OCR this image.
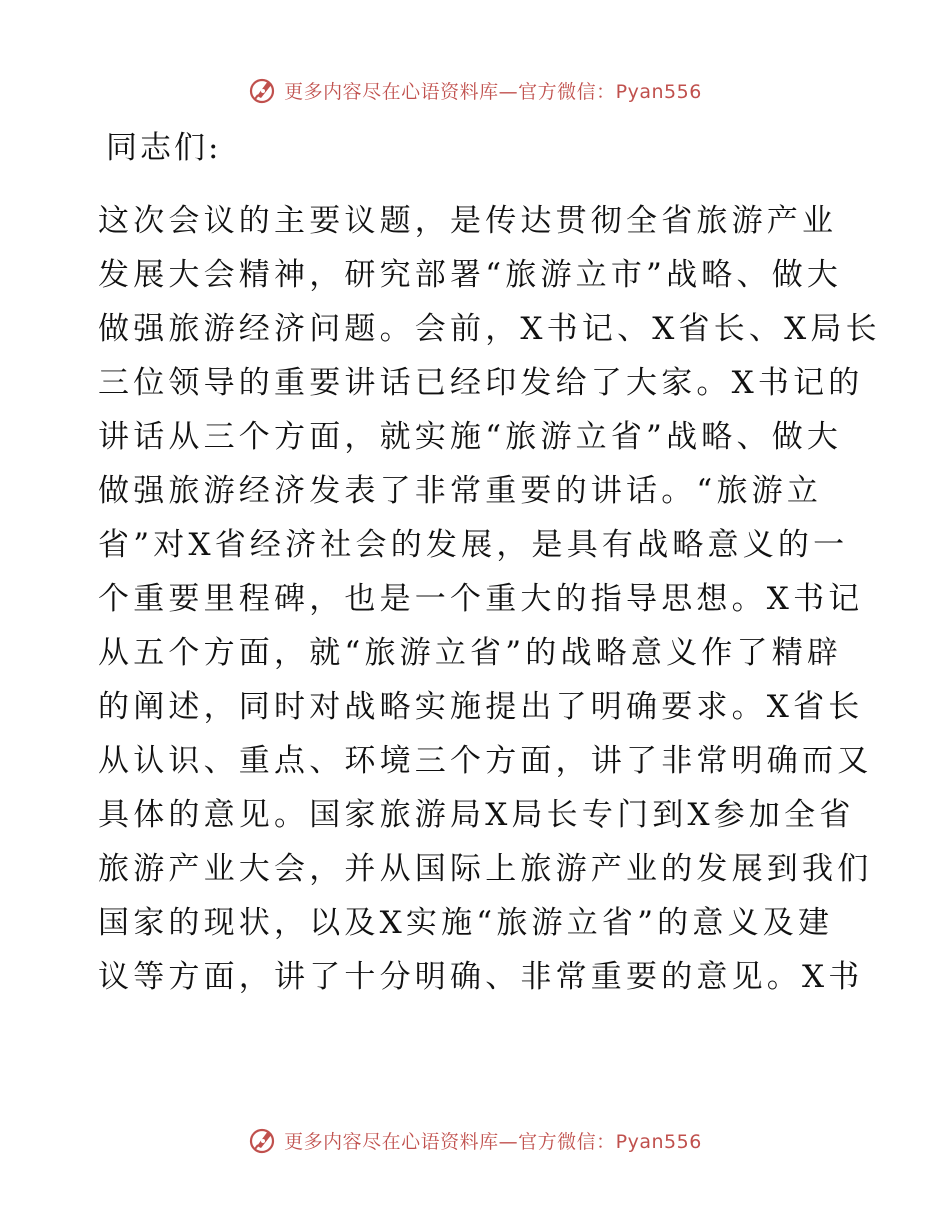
更多内容尽在心语资料库—官方微信：Pyan556
同志们:
这次会议的主要议题，是传达贯彻全省旅游产业
发展大会精神，研究部署“旅游立市”战略、做大
做强旅游经济问题。会前，X书记、X省长、X局长
三位领导的重要讲话已经印发给了大家。X书记的
讲话从三个方面，就实施“旅游立省”战略、做大
做强旅游经济发表了非常重要的讲话。“旅游立
省”对X省经济社会的发展，是具有战略意义的一
个重要里程碑，也是一个重大的指导思想。X书记
从五个方面，就“旅游立省”的战略意义作了精辟
的阐述，同时对战略实施提出了明确要求。X省长
从认识、重点、环境三个方面，讲了非常明确而又
具体的意见。国家旅游局X局长专门到X参加全省
旅游产业大会，并从国际上旅游产业的发展到我们
国家的现状，以及X实施“旅游立省”的意义及建
议等方面，讲了十分明确、非常重要的意见。X书
更多内容尽在心语资料库—官方微信：Pyan556
